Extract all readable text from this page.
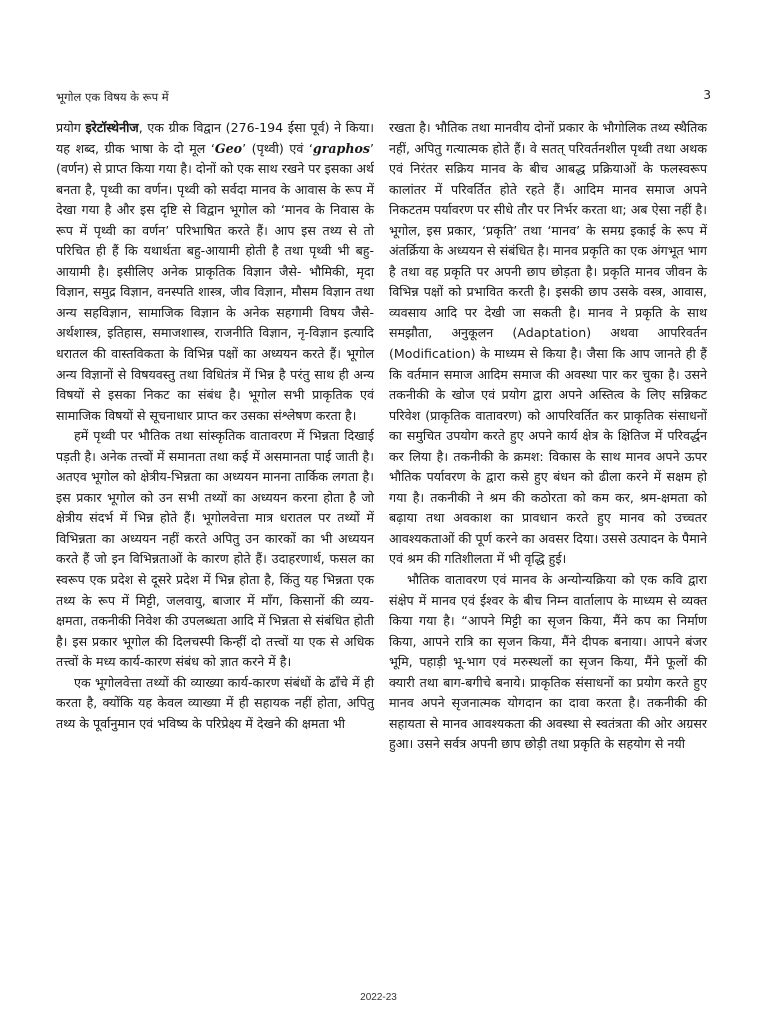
भूगोल एक विषय के रूप में	3

प्रयोग इरेटॉस्थेनीज, एक ग्रीक विद्वान (276-194 ईसा पूर्व) ने किया। यह शब्द, ग्रीक भाषा के दो मूल ‘Geo’ (पृथ्वी) एवं ‘graphos’ (वर्णन) से प्राप्त किया गया है। दोनों को एक साथ रखने पर इसका अर्थ बनता है, पृथ्वी का वर्णन। पृथ्वी को सर्वदा मानव के आवास के रूप में देखा गया है और इस दृष्टि से विद्वान भूगोल को ‘मानव के निवास के रूप में पृथ्वी का वर्णन’ परिभाषित करते हैं। आप इस तथ्य से तो परिचित ही हैं कि यथार्थता बहु-आयामी होती है तथा पृथ्वी भी बहु-आयामी है। इसीलिए अनेक प्राकृतिक विज्ञान जैसे- भौमिकी, मृदा विज्ञान, समुद्र विज्ञान, वनस्पति शास्त्र, जीव विज्ञान, मौसम विज्ञान तथा अन्य सहविज्ञान, सामाजिक विज्ञान के अनेक सहगामी विषय जैसे- अर्थशास्त्र, इतिहास, समाजशास्त्र, राजनीति विज्ञान, नृ-विज्ञान इत्यादि धरातल की वास्तविकता के विभिन्न पक्षों का अध्ययन करते हैं। भूगोल अन्य विज्ञानों से विषयवस्तु तथा विधितंत्र में भिन्न है परंतु साथ ही अन्य विषयों से इसका निकट का संबंध है। भूगोल सभी प्राकृतिक एवं सामाजिक विषयों से सूचनाधार प्राप्त कर उसका संश्लेषण करता है।

हमें पृथ्वी पर भौतिक तथा सांस्कृतिक वातावरण में भिन्नता दिखाई पड़ती है। अनेक तत्त्वों में समानता तथा कई में असमानता पाई जाती है। अतएव भूगोल को क्षेत्रीय-भिन्नता का अध्ययन मानना तार्किक लगता है। इस प्रकार भूगोल को उन सभी तथ्यों का अध्ययन करना होता है जो क्षेत्रीय संदर्भ में भिन्न होते हैं। भूगोलवेत्ता मात्र धरातल पर तथ्यों में विभिन्नता का अध्ययन नहीं करते अपितु उन कारकों का भी अध्ययन करते हैं जो इन विभिन्नताओं के कारण होते हैं। उदाहरणार्थ, फसल का स्वरूप एक प्रदेश से दूसरे प्रदेश में भिन्न होता है, किंतु यह भिन्नता एक तथ्य के रूप में मिट्टी, जलवायु, बाजार में माँग, किसानों की व्यय-क्षमता, तकनीकी निवेश की उपलब्धता आदि में भिन्नता से संबंधित होती है। इस प्रकार भूगोल की दिलचस्पी किन्हीं दो तत्त्वों या एक से अधिक तत्त्वों के मध्य कार्य-कारण संबंध को ज्ञात करने में है।

एक भूगोलवेत्ता तथ्यों की व्याख्या कार्य-कारण संबंधों के ढाँचे में ही करता है, क्योंकि यह केवल व्याख्या में ही सहायक नहीं होता, अपितु तथ्य के पूर्वानुमान एवं भविष्य के परिप्रेक्ष्य में देखने की क्षमता भी

रखता है। भौतिक तथा मानवीय दोनों प्रकार के भौगोलिक तथ्य स्थैतिक नहीं, अपितु गत्यात्मक होते हैं। वे सतत् परिवर्तनशील पृथ्वी तथा अथक एवं निरंतर सक्रिय मानव के बीच आबद्ध प्रक्रियाओं के फलस्वरूप कालांतर में परिवर्तित होते रहते हैं। आदिम मानव समाज अपने निकटतम पर्यावरण पर सीधे तौर पर निर्भर करता था; अब ऐसा नहीं है। भूगोल, इस प्रकार, ‘प्रकृति’ तथा ‘मानव’ के समग्र इकाई के रूप में अंतर्क्रिया के अध्ययन से संबंधित है। मानव प्रकृति का एक अंगभूत भाग है तथा वह प्रकृति पर अपनी छाप छोड़ता है। प्रकृति मानव जीवन के विभिन्न पक्षों को प्रभावित करती है। इसकी छाप उसके वस्त्र, आवास, व्यवसाय आदि पर देखी जा सकती है। मानव ने प्रकृति के साथ समझौता, अनुकूलन (Adaptation) अथवा आपरिवर्तन (Modification) के माध्यम से किया है। जैसा कि आप जानते ही हैं कि वर्तमान समाज आदिम समाज की अवस्था पार कर चुका है। उसने तकनीकी के खोज एवं प्रयोग द्वारा अपने अस्तित्व के लिए सन्निकट परिवेश (प्राकृतिक वातावरण) को आपरिवर्तित कर प्राकृतिक संसाधनों का समुचित उपयोग करते हुए अपने कार्य क्षेत्र के क्षितिज में परिवर्द्धन कर लिया है। तकनीकी के क्रमश: विकास के साथ मानव अपने ऊपर भौतिक पर्यावरण के द्वारा कसे हुए बंधन को ढीला करने में सक्षम हो गया है। तकनीकी ने श्रम की कठोरता को कम कर, श्रम-क्षमता को बढ़ाया तथा अवकाश का प्रावधान करते हुए मानव को उच्चतर आवश्यकताओं की पूर्ण करने का अवसर दिया। उससे उत्पादन के पैमाने एवं श्रम की गतिशीलता में भी वृद्धि हुई।

भौतिक वातावरण एवं मानव के अन्योन्यक्रिया को एक कवि द्वारा संक्षेप में मानव एवं ईश्वर के बीच निम्न वार्तालाप के माध्यम से व्यक्त किया गया है। “आपने मिट्टी का सृजन किया, मैंने कप का निर्माण किया, आपने रात्रि का सृजन किया, मैंने दीपक बनाया। आपने बंजर भूमि, पहाड़ी भू-भाग एवं मरुस्थलों का सृजन किया, मैंने फूलों की क्यारी तथा बाग-बगीचे बनाये। प्राकृतिक संसाधनों का प्रयोग करते हुए मानव अपने सृजनात्मक योगदान का दावा करता है। तकनीकी की सहायता से मानव आवश्यकता की अवस्था से स्वतंत्रता की ओर अग्रसर हुआ। उसने सर्वत्र अपनी छाप छोड़ी तथा प्रकृति के सहयोग से नयी

2022-23
